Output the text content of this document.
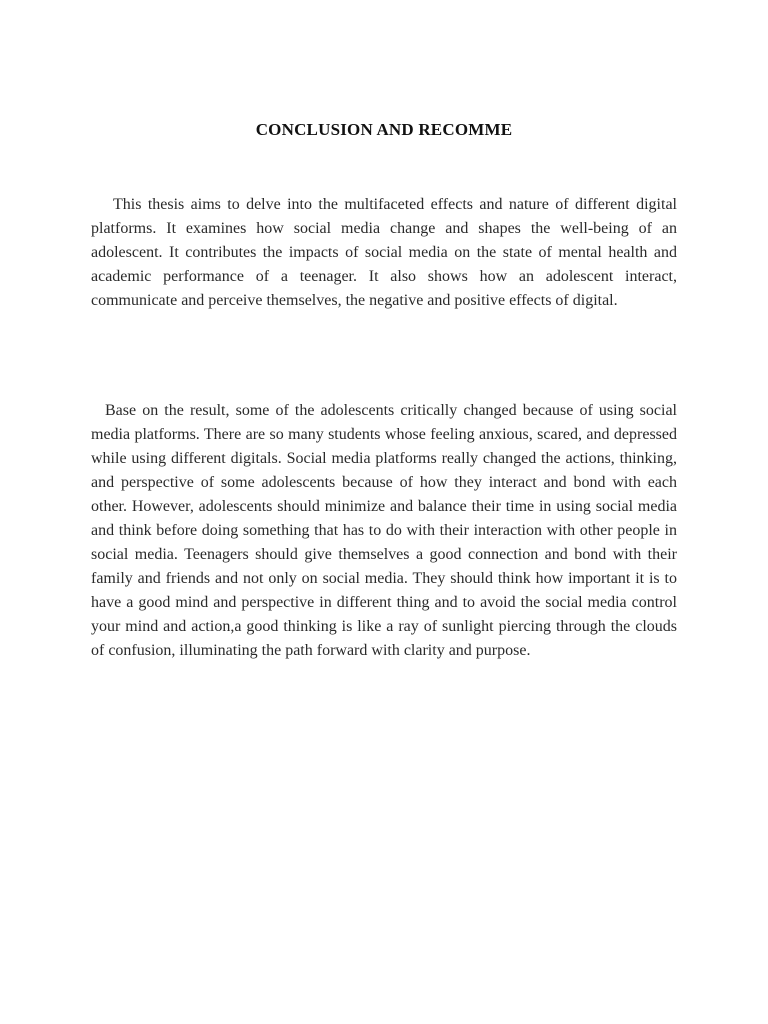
CONCLUSION AND RECOMME

This thesis aims to delve into the multifaceted effects and nature of different digital platforms. It examines how social media change and shapes the well-being of an adolescent. It contributes the impacts of social media on the state of mental health and academic performance of a teenager. It also shows how an adolescent interact, communicate and perceive themselves, the negative and positive effects of digital.

Base on the result, some of the adolescents critically changed because of using social media platforms. There are so many students whose feeling anxious, scared, and depressed while using different digitals. Social media platforms really changed the actions, thinking, and perspective of some adolescents because of how they interact and bond with each other. However, adolescents should minimize and balance their time in using social media and think before doing something that has to do with their interaction with other people in social media. Teenagers should give themselves a good connection and bond with their family and friends and not only on social media. They should think how important it is to have a good mind and perspective in different thing and to avoid the social media control your mind and action,a good thinking is like a ray of sunlight piercing through the clouds of confusion, illuminating the path forward with clarity and purpose.
